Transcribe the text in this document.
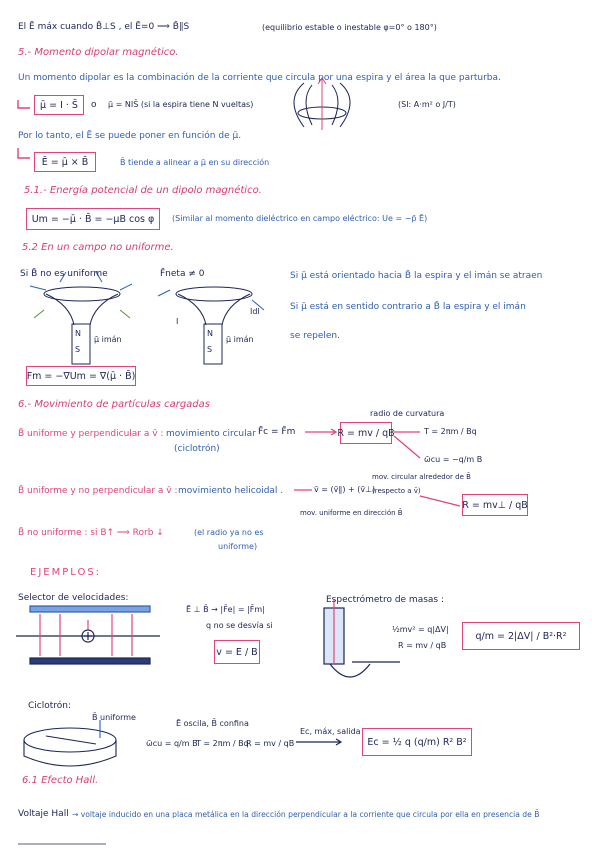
El Ē máx cuando B̄⊥S , el Ē=0 ⟹ B̄∥S	(equilibrio estable o inestable φ=0° o 180°)
5.- Momento dipolar magnético.
Un momento dipolar es la combinación de la corriente que circula por una espira y el área la que parturba.
μ̄ = I · S̄	o μ̄ = NIS̄ (si la espira tiene N vueltas)	(SI: A·m² o J/T)
Por lo tanto, el Ē se puede poner en función de μ̄.
Ē = μ̄ × B̄	B̄ tiende a alinear a μ̄ en su dirección
5.1.- Energía potencial de un dipolo magnético.
Um = −μ̄ · B̄ = −μB cos φ	(Similar al momento dieléctrico en campo eléctrico: Ue = −p̄ Ē)
5.2 En un campo no uniforme.
Si B̄ no es uniforme	F̄neta ≠ 0
N
S
N
S
μ̄ imán	μ̄ imán
Idl
I
Fm = −∇Um = ∇(μ̄ · B̄)
Si μ̄ está orientado hacia B̄ la espira y el imán se atraen
Si μ̄ está en sentido contrario a B̄ la espira y el imán
se repelen.
6.- Movimiento de partículas cargadas
B̄ uniforme y perpendicular a v̄ : movimiento circular
(ciclotrón)
F̄c = F̄m
radio de curvatura
R = mv / qB	T = 2πm / Bq
ω̄cu = −q/m B
B̄ uniforme y no perpendicular a v̄ : movimiento helicoidal .	v̄ = (v̄∥) + (v̄⊥)
mov. circular alrededor de B̄
(respecto a v̄)
mov. uniforme en dirección B̄
R = mv⊥ / qB
B̄ no uniforme : si B↑ ⟹ Rorb ↓	(el radio ya no es
uniforme)
EJEMPLOS:
Selector de velocidades:
Ē ⊥ B̄ → |F̄e| = |F̄m|
q no se desvía si
v = E / B
Espectrómetro de masas :
½mv² = q|ΔV|
R = mv / qB
q/m = 2|ΔV| / B²·R²
Ciclotrón:
B̄ uniforme
Ē oscila, B̄ confina
ω̄cu = q/m B
T = 2πm / Bq
R = mv / qB
Ec, máx, salida
Ec = ½ q (q/m) R² B²
6.1 Efecto Hall.
Voltaje Hall → voltaje inducido en una placa metálica en la dirección perpendicular a la corriente que circula por ella en presencia de B̄
